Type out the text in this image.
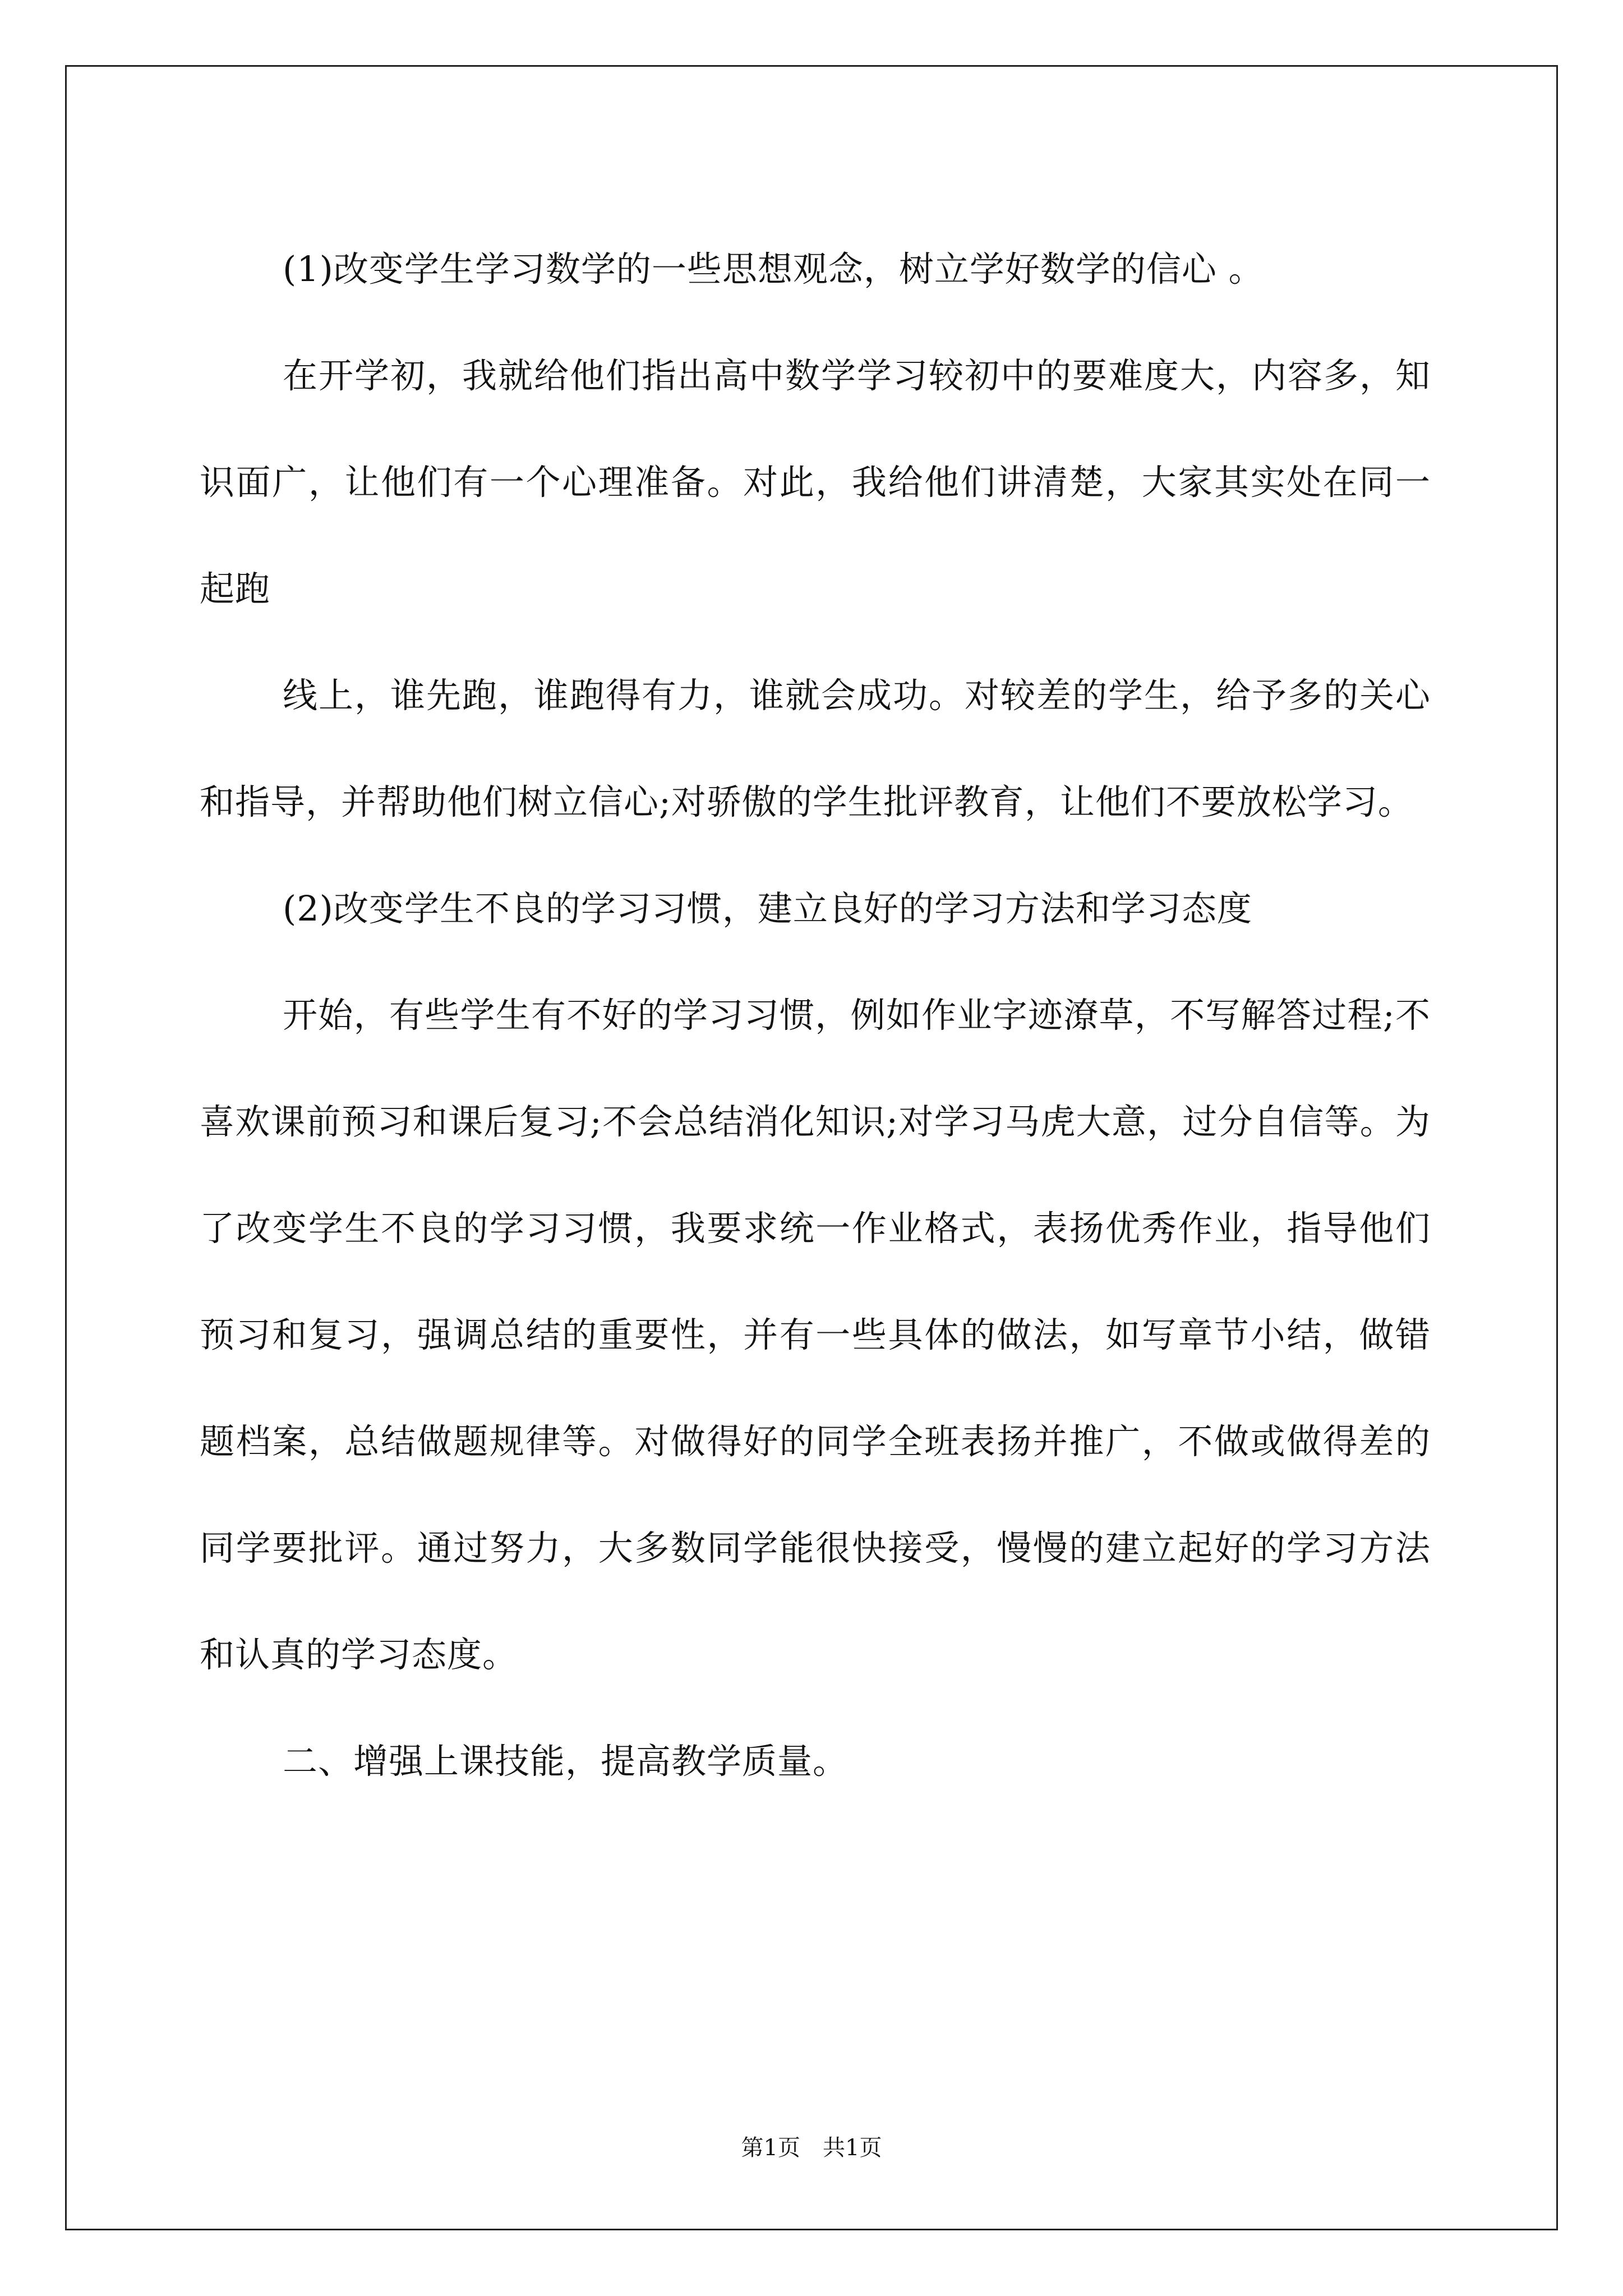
(1)改变学生学习数学的一些思想观念，树立学好数学的信心 。

在开学初，我就给他们指出高中数学学习较初中的要难度大，内容多，知识面广，让他们有一个心理准备。对此，我给他们讲清楚，大家其实处在同一起跑

线上，谁先跑，谁跑得有力，谁就会成功。对较差的学生，给予多的关心和指导，并帮助他们树立信心;对骄傲的学生批评教育，让他们不要放松学习。

(2)改变学生不良的学习习惯，建立良好的学习方法和学习态度

开始，有些学生有不好的学习习惯，例如作业字迹潦草，不写解答过程;不喜欢课前预习和课后复习;不会总结消化知识;对学习马虎大意，过分自信等。为了改变学生不良的学习习惯，我要求统一作业格式，表扬优秀作业，指导他们预习和复习，强调总结的重要性，并有一些具体的做法，如写章节小结，做错题档案，总结做题规律等。对做得好的同学全班表扬并推广，不做或做得差的同学要批评。通过努力，大多数同学能很快接受，慢慢的建立起好的学习方法和认真的学习态度。

二、增强上课技能，提高教学质量。

第1页 共1页
